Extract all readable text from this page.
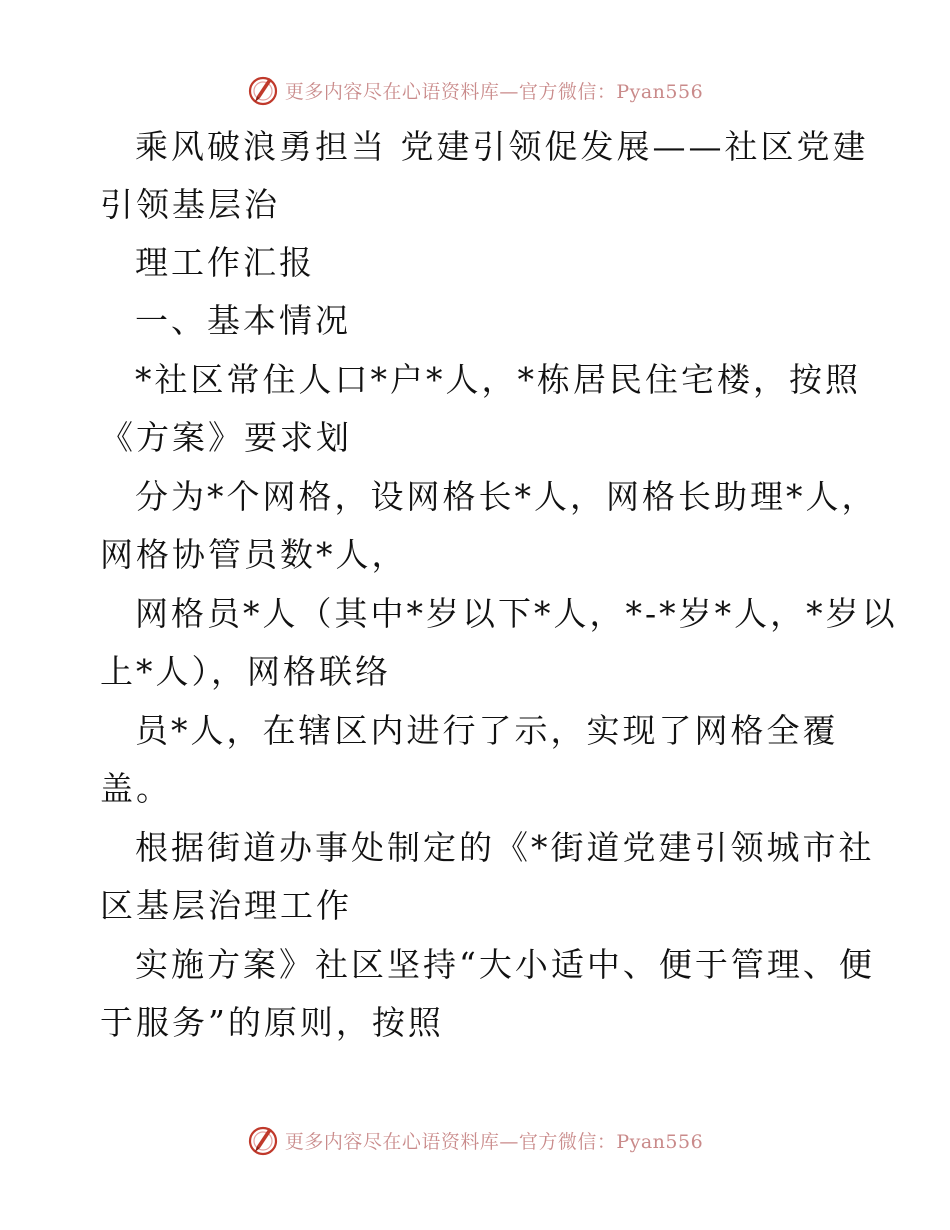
更多内容尽在心语资料库—官方微信：Pyan556
乘风破浪勇担当 党建引领促发展——社区党建
引领基层治
理工作汇报
一、基本情况
*社区常住人口*户*人，*栋居民住宅楼，按照
《方案》要求划
分为*个网格，设网格长*人，网格长助理*人，
网格协管员数*人，
网格员*人（其中*岁以下*人，*-*岁*人，*岁以
上*人），网格联络
员*人，在辖区内进行了示，实现了网格全覆
盖。
根据街道办事处制定的《*街道党建引领城市社
区基层治理工作
实施方案》社区坚持“大小适中、便于管理、便
于服务”的原则，按照
更多内容尽在心语资料库—官方微信：Pyan556
